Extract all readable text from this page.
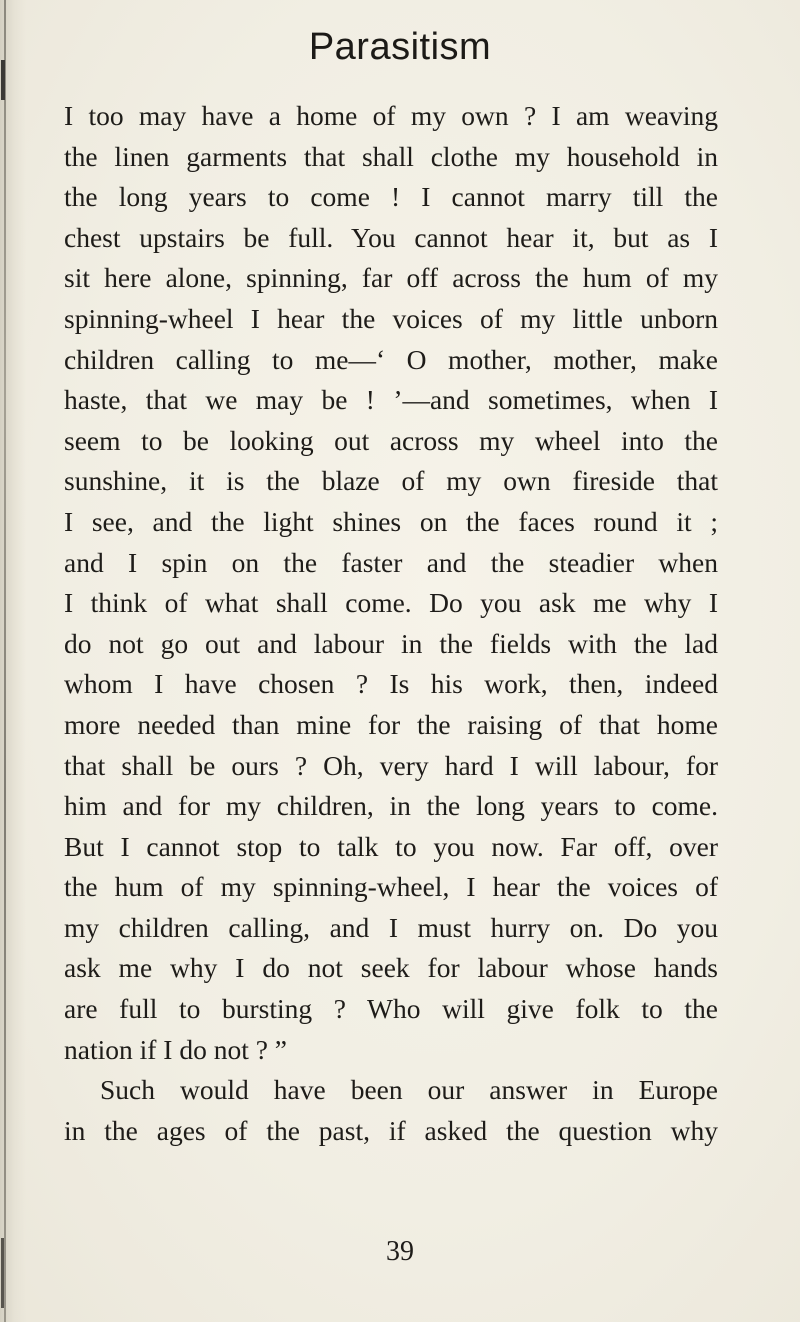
Parasitism
I too may have a home of my own ? I am weaving
the linen garments that shall clothe my household in
the long years to come ! I cannot marry till the
chest upstairs be full. You cannot hear it, but as I
sit here alone, spinning, far off across the hum of my
spinning-wheel I hear the voices of my little unborn
children calling to me—‘ O mother, mother, make
haste, that we may be ! ’—and sometimes, when I
seem to be looking out across my wheel into the
sunshine, it is the blaze of my own fireside that
I see, and the light shines on the faces round it ;
and I spin on the faster and the steadier when
I think of what shall come. Do you ask me why I
do not go out and labour in the fields with the lad
whom I have chosen ? Is his work, then, indeed
more needed than mine for the raising of that home
that shall be ours ? Oh, very hard I will labour, for
him and for my children, in the long years to come.
But I cannot stop to talk to you now. Far off, over
the hum of my spinning-wheel, I hear the voices of
my children calling, and I must hurry on. Do you
ask me why I do not seek for labour whose hands
are full to bursting ? Who will give folk to the
nation if I do not ? ”
Such would have been our answer in Europe
in the ages of the past, if asked the question why
39
